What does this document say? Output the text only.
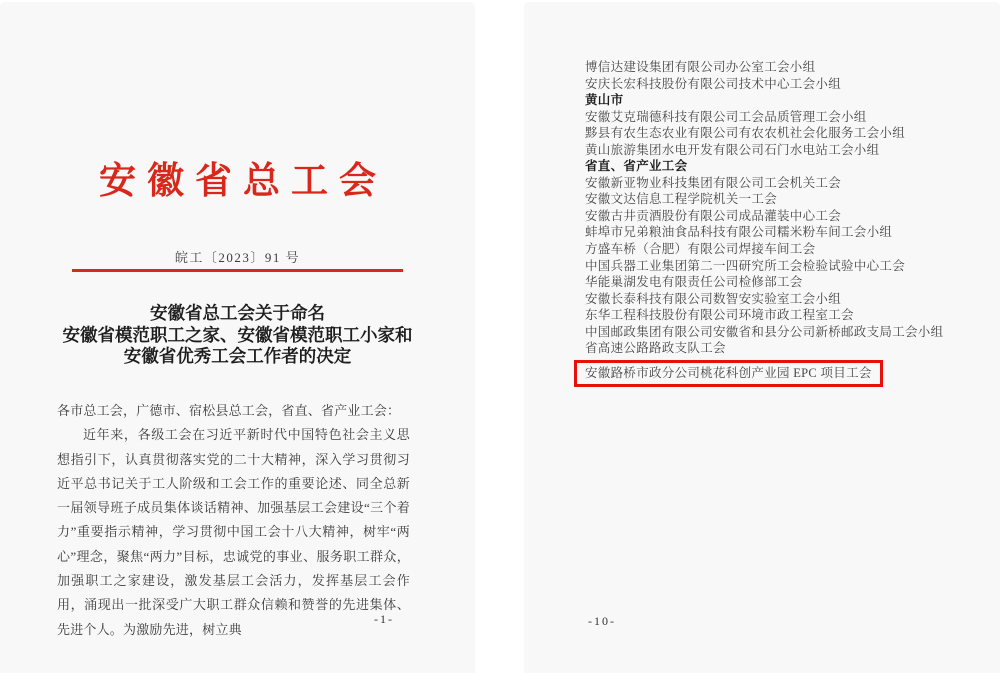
安徽省总工会
皖工〔2023〕91 号
安徽省总工会关于命名
安徽省模范职工之家、安徽省模范职工小家和
安徽省优秀工会工作者的决定
各市总工会，广德市、宿松县总工会，省直、省产业工会：
近年来，各级工会在习近平新时代中国特色社会主义思想指引下，认真贯彻落实党的二十大精神，深入学习贯彻习近平总书记关于工人阶级和工会工作的重要论述、同全总新一届领导班子成员集体谈话精神、加强基层工会建设“三个着力”重要指示精神，学习贯彻中国工会十八大精神，树牢“两心”理念，聚焦“两力”目标，忠诚党的事业、服务职工群众，加强职工之家建设，激发基层工会活力，发挥基层工会作用，涌现出一批深受广大职工群众信赖和赞誉的先进集体、先进个人。为激励先进，树立典
-1-
博信达建设集团有限公司办公室工会小组
安庆长宏科技股份有限公司技术中心工会小组
黄山市
安徽艾克瑞德科技有限公司工会品质管理工会小组
黟县有农生态农业有限公司有农农机社会化服务工会小组
黄山旅游集团水电开发有限公司石门水电站工会小组
省直、省产业工会
安徽新亚物业科技集团有限公司工会机关工会
安徽文达信息工程学院机关一工会
安徽古井贡酒股份有限公司成品灌装中心工会
蚌埠市兄弟粮油食品科技有限公司糯米粉车间工会小组
方盛车桥（合肥）有限公司焊接车间工会
中国兵器工业集团第二一四研究所工会检验试验中心工会
华能巢湖发电有限责任公司检修部工会
安徽长泰科技有限公司数智安实验室工会小组
东华工程科技股份有限公司环境市政工程室工会
中国邮政集团有限公司安徽省和县分公司新桥邮政支局工会小组
省高速公路路政支队工会
安徽路桥市政分公司桃花科创产业园 EPC 项目工会
-10-
